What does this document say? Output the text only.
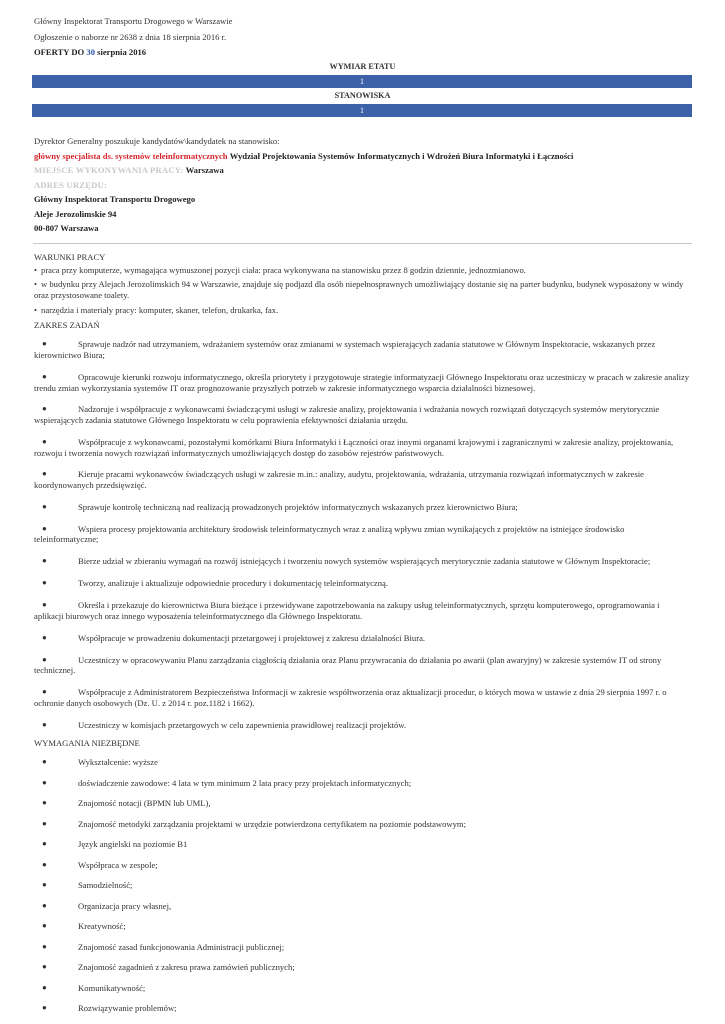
Główny Inspektorat Transportu Drogowego w Warszawie
Ogłoszenie o naborze nr 2638 z dnia 18 sierpnia 2016 r.
OFERTY DO 30 sierpnia 2016
WYMIAR ETATU
1
STANOWISKA
1
Dyrektor Generalny poszukuje kandydatów\kandydatek na stanowisko:
główny specjalista ds. systemów teleinformatycznych Wydział Projektowania Systemów Informatycznych i Wdrożeń Biura Informatyki i Łączności
MIEJSCE WYKONYWANIA PRACY: Warszawa
ADRES URZĘDU:
Główny Inspektorat Transportu Drogowego
Aleje Jerozolimskie 94
00-807 Warszawa
WARUNKI PRACY
• praca przy komputerze, wymagająca wymuszonej pozycji ciała: praca wykonywana na stanowisku przez 8 godzin dziennie, jednozmianowo.
• w budynku przy Alejach Jerozolimskich 94 w Warszawie, znajduje się podjazd dla osób niepełnosprawnych umożliwiający dostanie się na parter budynku, budynek wyposażony w windy oraz przystosowane toalety.
• narzędzia i materiały pracy: komputer, skaner, telefon, drukarka, fax.
ZAKRES ZADAŃ
●	Sprawuje nadzór nad utrzymaniem, wdrażaniem systemów oraz zmianami w systemach wspierających zadania statutowe w Głównym Inspektoracie, wskazanych przez kierownictwo Biura;
●	Opracowuje kierunki rozwoju informatycznego, określa priorytety i przygotowuje strategie informatyzacji Głównego Inspektoratu oraz uczestniczy w pracach w zakresie analizy trendu zmian wykorzystania systemów IT oraz prognozowanie przyszłych potrzeb w zakresie informatycznego wsparcia działalności biznesowej.
●	Nadzoruje i współpracuje z wykonawcami świadczącymi usługi w zakresie analizy, projektowania i wdrażania nowych rozwiązań dotyczących systemów merytorycznie wspierających zadania statutowe Głównego Inspektoratu w celu poprawienia efektywności działania urzędu.
●	Współpracuje z wykonawcami, pozostałymi komórkami Biura Informatyki i Łączności oraz innymi organami krajowymi i zagranicznymi w zakresie analizy, projektowania, rozwoju i tworzenia nowych rozwiązań informatycznych umożliwiających dostęp do zasobów rejestrów państwowych.
●	Kieruje pracami wykonawców świadczących usługi w zakresie m.in.: analizy, audytu, projektowania, wdrażania, utrzymania rozwiązań informatycznych w zakresie koordynowanych przedsięwzięć.
●	Sprawuje kontrolę techniczną nad realizacją prowadzonych projektów informatycznych wskazanych przez kierownictwo Biura;
●	Wspiera procesy projektowania architektury środowisk teleinformatycznych wraz z analizą wpływu zmian wynikających z projektów na istniejące środowisko teleinformatyczne;
●	Bierze udział w zbieraniu wymagań na rozwój istniejących i tworzeniu nowych systemów wspierających merytorycznie zadania statutowe w Głównym Inspektoracie;
●	Tworzy, analizuje i aktualizuje odpowiednie procedury i dokumentację teleinformatyczną.
●	Określa i przekazuje do kierownictwa Biura bieżące i przewidywane zapotrzebowania na zakupy usług teleinformatycznych, sprzętu komputerowego, oprogramowania i aplikacji biurowych oraz innego wyposażenia teleinformatycznego dla Głównego Inspektoratu.
●	Współpracuje w prowadzeniu dokumentacji przetargowej i projektowej z zakresu działalności Biura.
●	Uczestniczy w opracowywaniu Planu zarządzania ciągłością działania oraz Planu przywracania do działania po awarii (plan awaryjny) w zakresie systemów IT od strony technicznej.
●	Współpracuje z Administratorem Bezpieczeństwa Informacji w zakresie współtworzenia oraz aktualizacji procedur, o których mowa w ustawie z dnia 29 sierpnia 1997 r. o ochronie danych osobowych (Dz. U. z 2014 r. poz.1182 i 1662).
●	Uczestniczy w komisjach przetargowych w celu zapewnienia prawidłowej realizacji projektów.
WYMAGANIA NIEZBĘDNE
●	Wykształcenie: wyższe
●	doświadczenie zawodowe: 4 lata w tym minimum 2 lata pracy przy projektach informatycznych;
●	Znajomość notacji (BPMN lub UML),
●	Znajomość metodyki zarządzania projektami w urzędzie potwierdzona certyfikatem na poziomie podstawowym;
●	Język angielski na poziomie B1
●	Współpraca w zespole;
●	Samodzielność;
●	Organizacja pracy własnej,
●	Kreatywność;
●	Znajomość zasad funkcjonowania Administracji publicznej;
●	Znajomość zagadnień z zakresu prawa zamówień publicznych;
●	Komunikatywność;
●	Rozwiązywanie problemów;
